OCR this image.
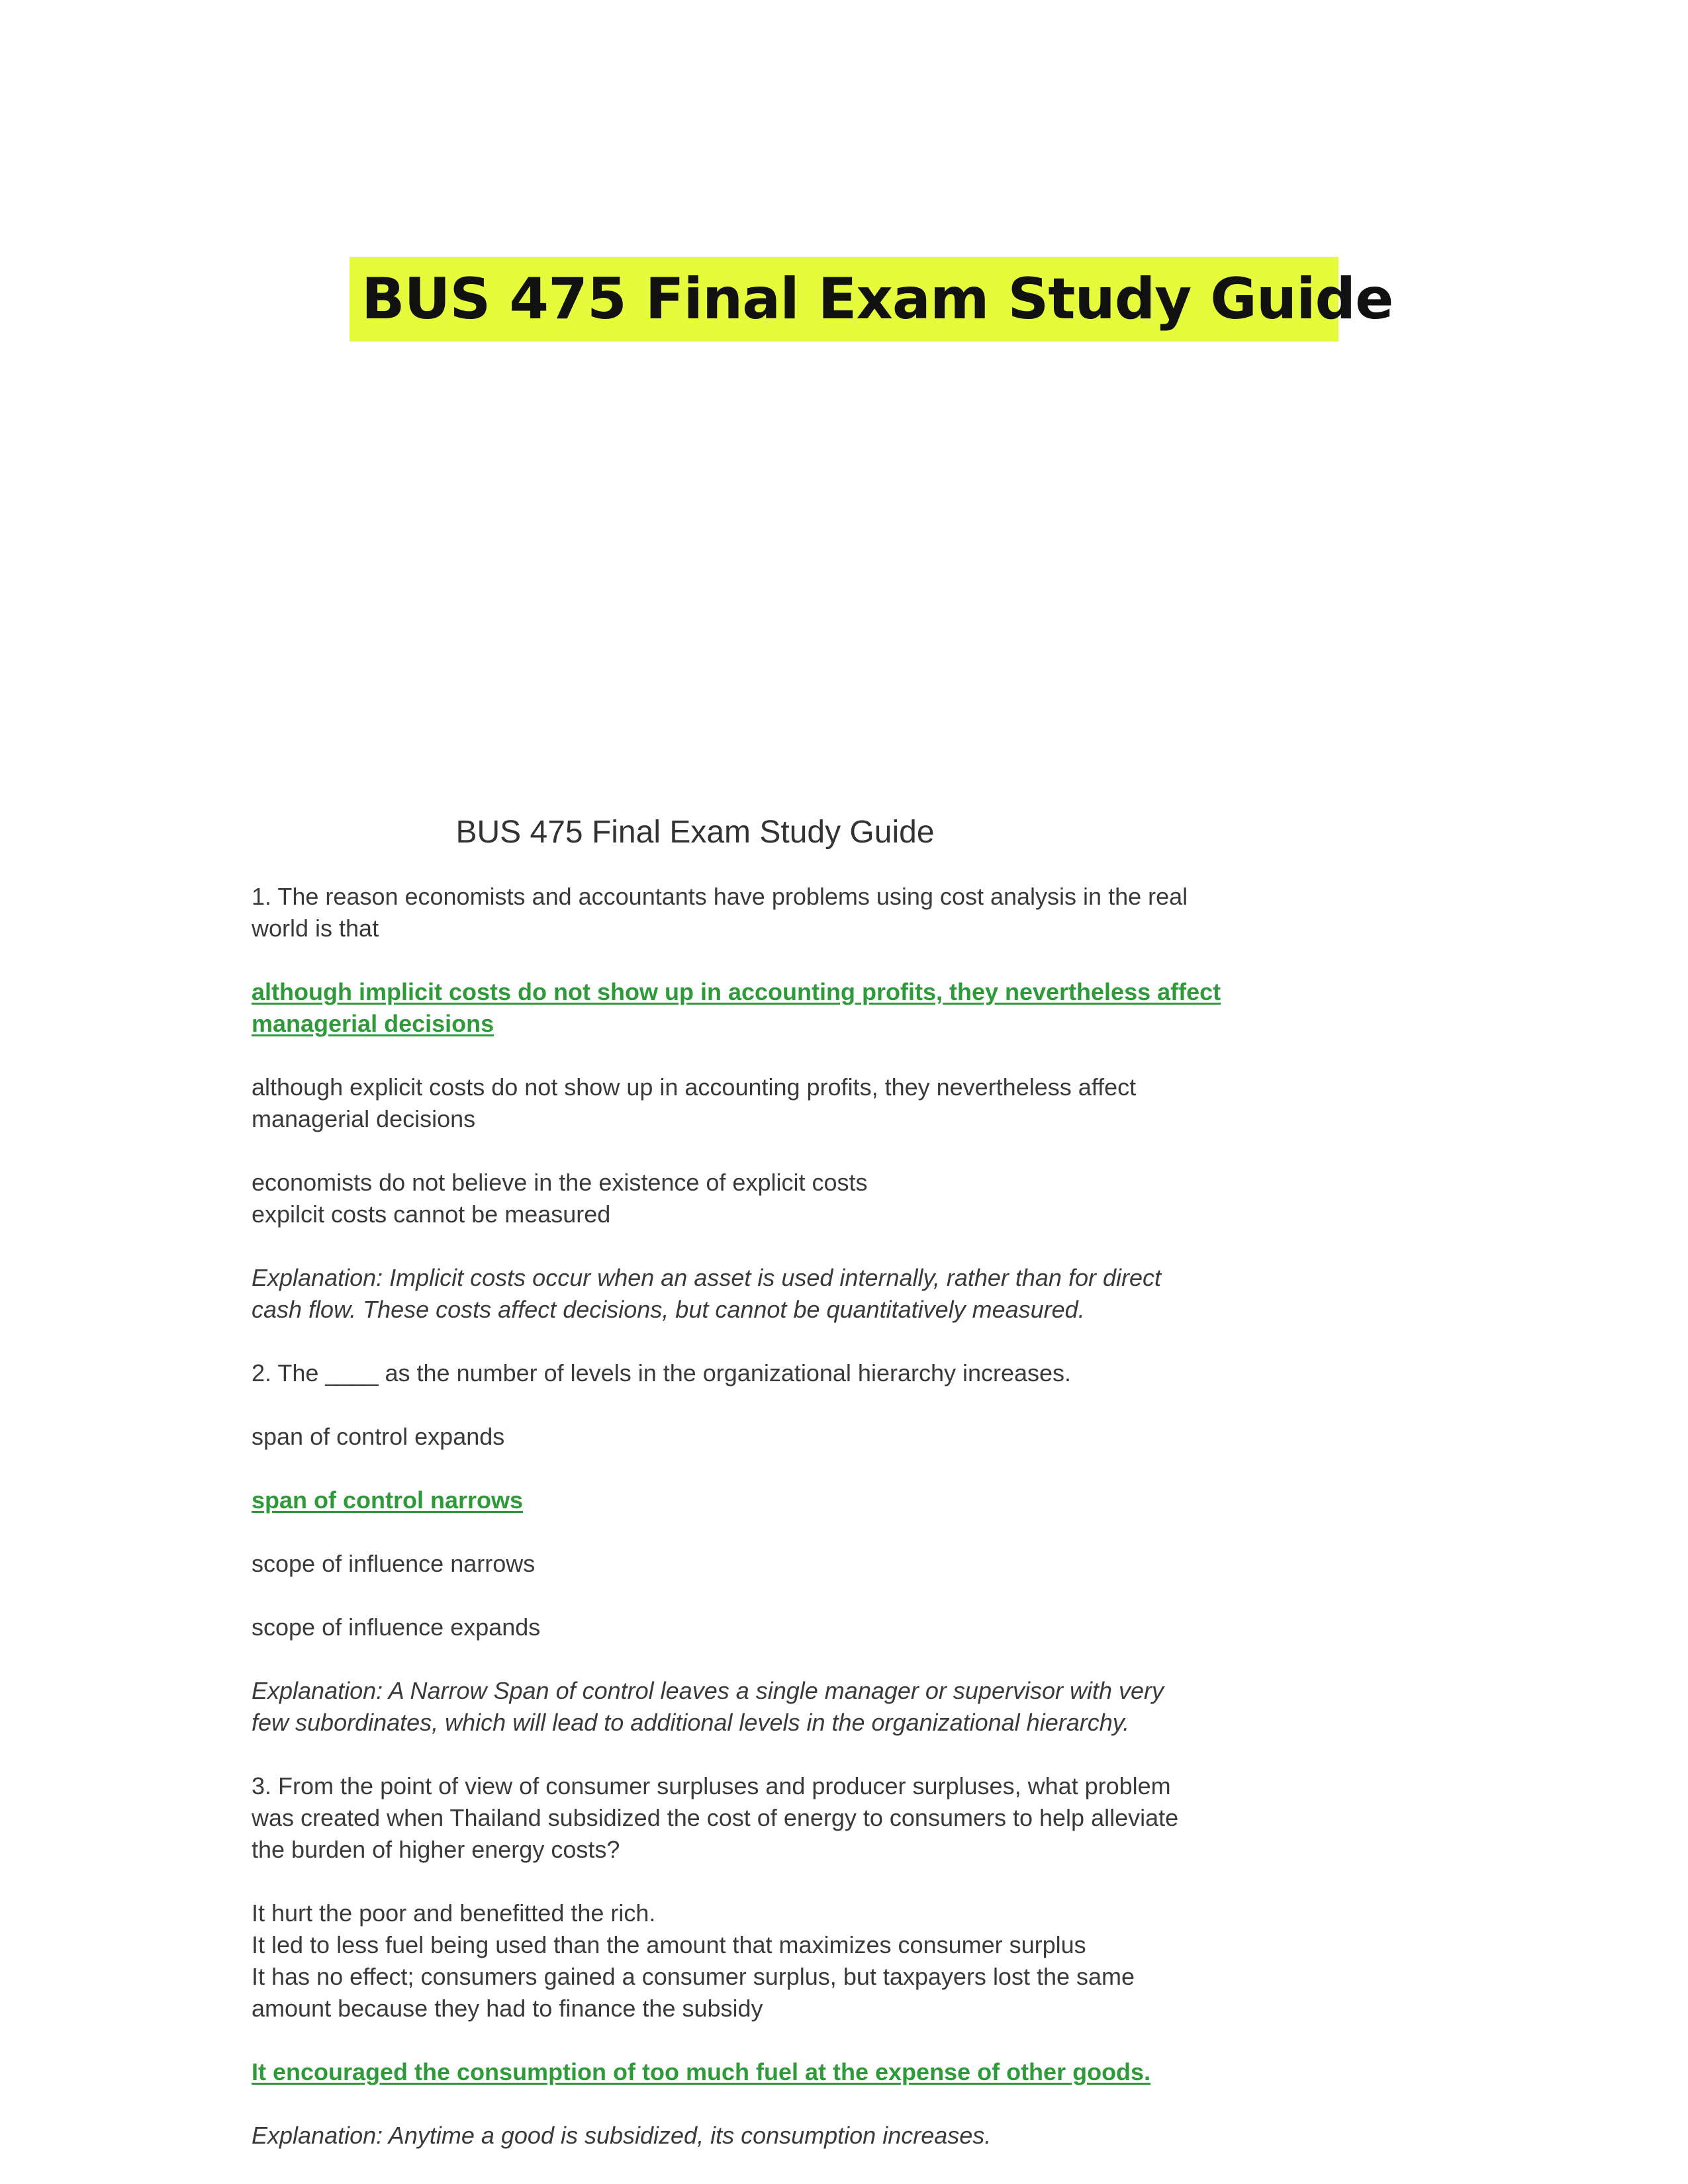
BUS 475 Final Exam Study Guide
BUS 475 Final Exam Study Guide

1. The reason economists and accountants have problems using cost analysis in the real

world is that

although implicit costs do not show up in accounting profits, they nevertheless affect

managerial decisions

although explicit costs do not show up in accounting profits, they nevertheless affect

managerial decisions

economists do not believe in the existence of explicit costs

expilcit costs cannot be measured

Explanation: Implicit costs occur when an asset is used internally, rather than for direct

cash flow. These costs affect decisions, but cannot be quantitatively measured.

2. The ____ as the number of levels in the organizational hierarchy increases.

span of control expands

span of control narrows

scope of influence narrows

scope of influence expands

Explanation: A Narrow Span of control leaves a single manager or supervisor with very

few subordinates, which will lead to additional levels in the organizational hierarchy.

3. From the point of view of consumer surpluses and producer surpluses, what problem

was created when Thailand subsidized the cost of energy to consumers to help alleviate

the burden of higher energy costs?

It hurt the poor and benefitted the rich.

It led to less fuel being used than the amount that maximizes consumer surplus

It has no effect; consumers gained a consumer surplus, but taxpayers lost the same

amount because they had to finance the subsidy

It encouraged the consumption of too much fuel at the expense of other goods.

Explanation: Anytime a good is subsidized, its consumption increases.
